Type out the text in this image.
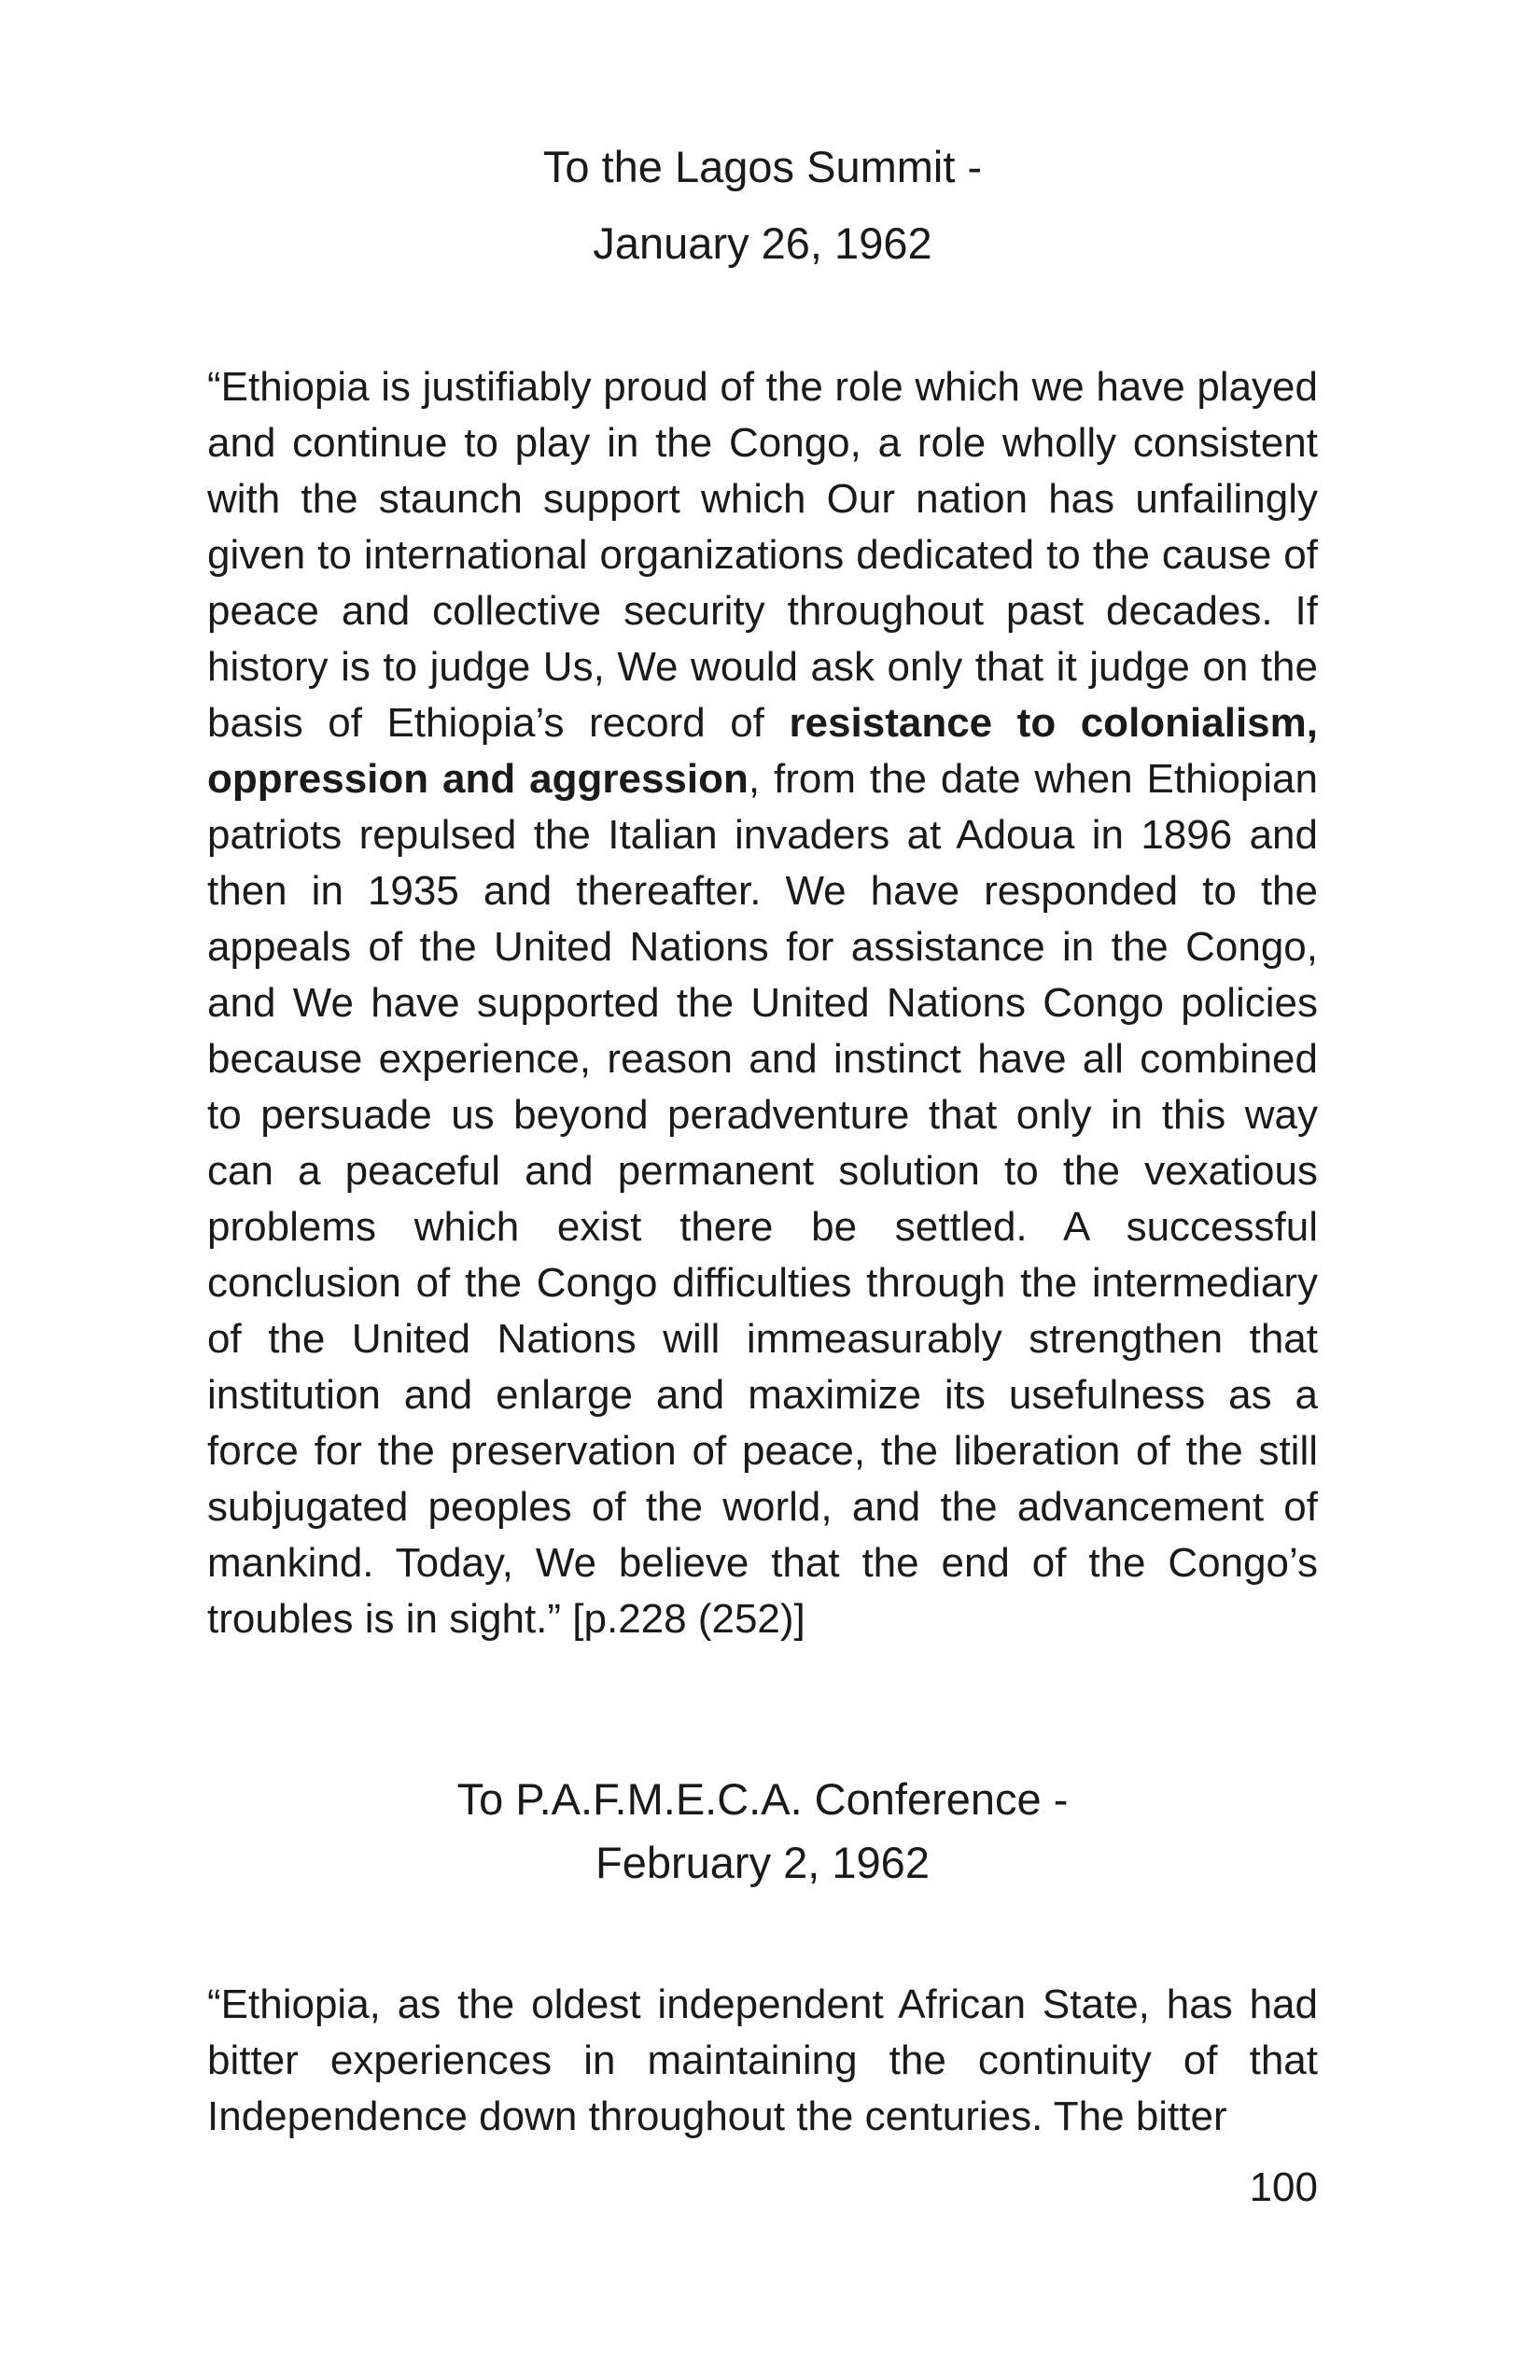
To the Lagos Summit -

January 26, 1962

“Ethiopia is justifiably proud of the role which we have played and continue to play in the Congo, a role wholly consistent with the staunch support which Our nation has unfailingly given to international organizations dedicated to the cause of peace and collective security throughout past decades. If history is to judge Us, We would ask only that it judge on the basis of Ethiopia’s record of resistance to colonialism, oppression and aggression, from the date when Ethiopian patriots repulsed the Italian invaders at Adoua in 1896 and then in 1935 and thereafter. We have responded to the appeals of the United Nations for assistance in the Congo, and We have supported the United Nations Congo policies because experience, reason and instinct have all combined to persuade us beyond peradventure that only in this way can a peaceful and permanent solution to the vexatious problems which exist there be settled. A successful conclusion of the Congo difficulties through the intermediary of the United Nations will immeasurably strengthen that institution and enlarge and maximize its usefulness as a force for the preservation of peace, the liberation of the still subjugated peoples of the world, and the advancement of mankind. Today, We believe that the end of the Congo’s troubles is in sight.” [p.228 (252)]

To P.A.F.M.E.C.A. Conference -

February 2, 1962

“Ethiopia, as the oldest independent African State, has had bitter experiences in maintaining the continuity of that Independence down throughout the centuries. The bitter

100
